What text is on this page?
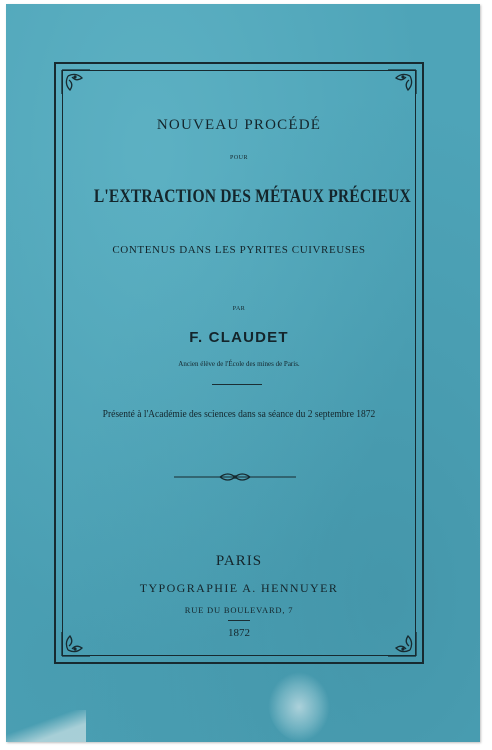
NOUVEAU PROCÉDÉ
POUR
L'EXTRACTION DES MÉTAUX PRÉCIEUX
CONTENUS DANS LES PYRITES CUIVREUSES
PAR
F. CLAUDET
Ancien élève de l'École des mines de Paris.
Présenté à l'Académie des sciences dans sa séance du 2 septembre 1872
PARIS
TYPOGRAPHIE A. HENNUYER
RUE DU BOULEVARD, 7
1872
